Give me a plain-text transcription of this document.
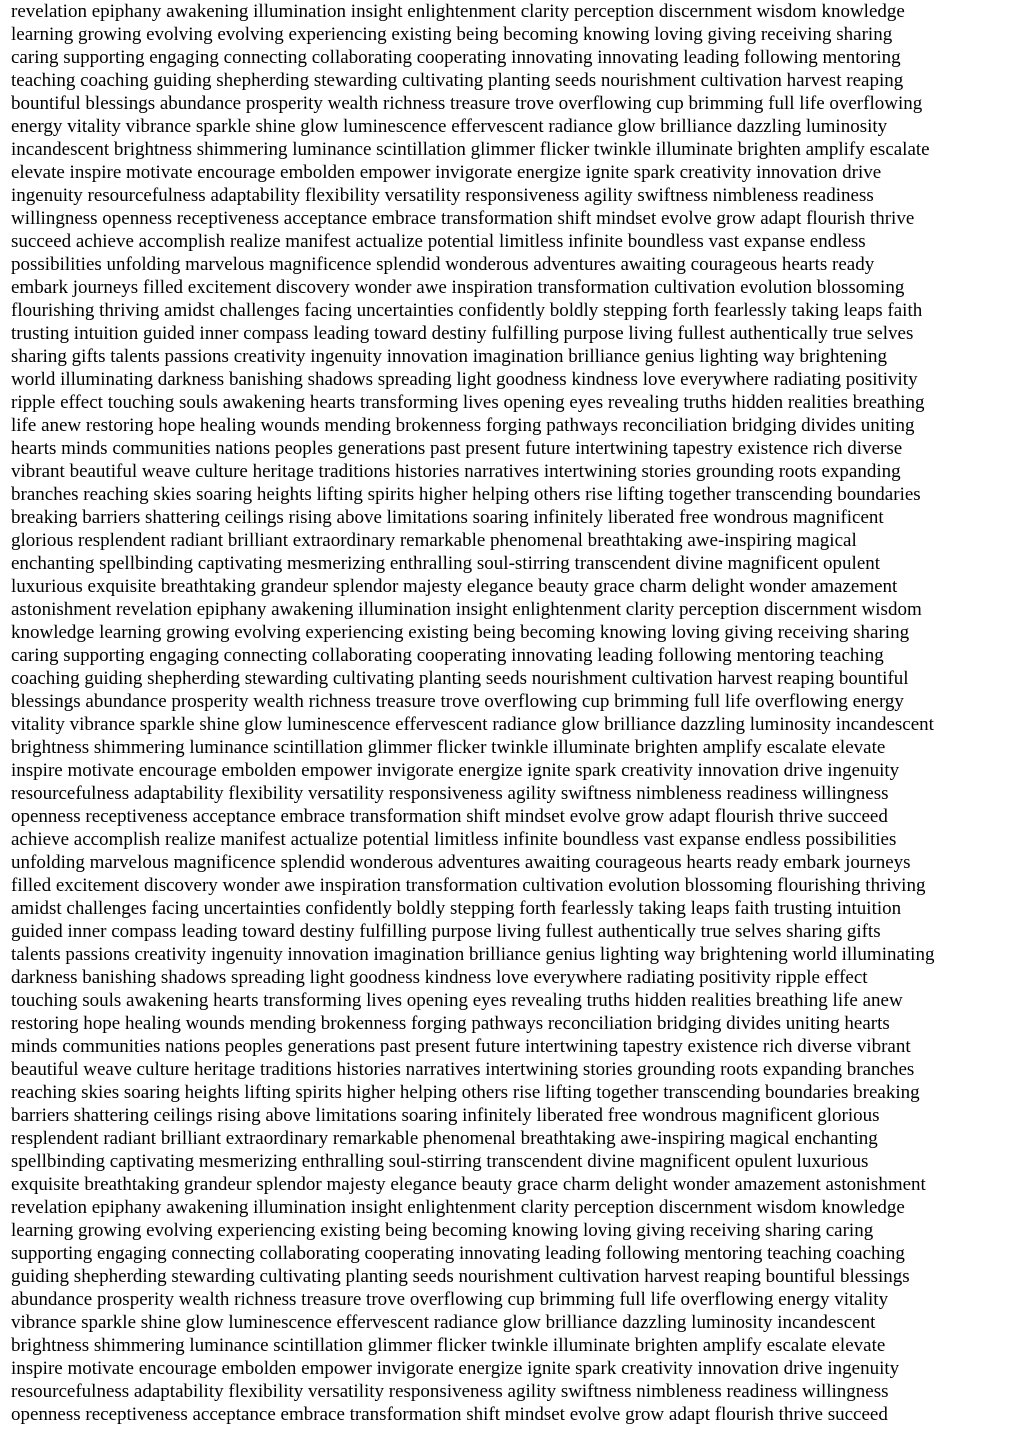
revelation epiphany awakening illumination insight enlightenment clarity perception discernment wisdom knowledge
learning growing evolving evolving experiencing existing being becoming knowing loving giving receiving sharing
caring supporting engaging connecting collaborating cooperating innovating innovating leading following mentoring
teaching coaching guiding shepherding stewarding cultivating planting seeds nourishment cultivation harvest reaping
bountiful blessings abundance prosperity wealth richness treasure trove overflowing cup brimming full life overflowing
energy vitality vibrance sparkle shine glow luminescence effervescent radiance glow brilliance dazzling luminosity
incandescent brightness shimmering luminance scintillation glimmer flicker twinkle illuminate brighten amplify escalate
elevate inspire motivate encourage embolden empower invigorate energize ignite spark creativity innovation drive
ingenuity resourcefulness adaptability flexibility versatility responsiveness agility swiftness nimbleness readiness
willingness openness receptiveness acceptance embrace transformation shift mindset evolve grow adapt flourish thrive
succeed achieve accomplish realize manifest actualize potential limitless infinite boundless vast expanse endless
possibilities unfolding marvelous magnificence splendid wonderous adventures awaiting courageous hearts ready
embark journeys filled excitement discovery wonder awe inspiration transformation cultivation evolution blossoming
flourishing thriving amidst challenges facing uncertainties confidently boldly stepping forth fearlessly taking leaps faith
trusting intuition guided inner compass leading toward destiny fulfilling purpose living fullest authentically true selves
sharing gifts talents passions creativity ingenuity innovation imagination brilliance genius lighting way brightening
world illuminating darkness banishing shadows spreading light goodness kindness love everywhere radiating positivity
ripple effect touching souls awakening hearts transforming lives opening eyes revealing truths hidden realities breathing
life anew restoring hope healing wounds mending brokenness forging pathways reconciliation bridging divides uniting
hearts minds communities nations peoples generations past present future intertwining tapestry existence rich diverse
vibrant beautiful weave culture heritage traditions histories narratives intertwining stories grounding roots expanding
branches reaching skies soaring heights lifting spirits higher helping others rise lifting together transcending boundaries
breaking barriers shattering ceilings rising above limitations soaring infinitely liberated free wondrous magnificent
glorious resplendent radiant brilliant extraordinary remarkable phenomenal breathtaking awe-inspiring magical
enchanting spellbinding captivating mesmerizing enthralling soul-stirring transcendent divine magnificent opulent
luxurious exquisite breathtaking grandeur splendor majesty elegance beauty grace charm delight wonder amazement
astonishment revelation epiphany awakening illumination insight enlightenment clarity perception discernment wisdom
knowledge learning growing evolving experiencing existing being becoming knowing loving giving receiving sharing
caring supporting engaging connecting collaborating cooperating innovating leading following mentoring teaching
coaching guiding shepherding stewarding cultivating planting seeds nourishment cultivation harvest reaping bountiful
blessings abundance prosperity wealth richness treasure trove overflowing cup brimming full life overflowing energy
vitality vibrance sparkle shine glow luminescence effervescent radiance glow brilliance dazzling luminosity incandescent
brightness shimmering luminance scintillation glimmer flicker twinkle illuminate brighten amplify escalate elevate
inspire motivate encourage embolden empower invigorate energize ignite spark creativity innovation drive ingenuity
resourcefulness adaptability flexibility versatility responsiveness agility swiftness nimbleness readiness willingness
openness receptiveness acceptance embrace transformation shift mindset evolve grow adapt flourish thrive succeed
achieve accomplish realize manifest actualize potential limitless infinite boundless vast expanse endless possibilities
unfolding marvelous magnificence splendid wonderous adventures awaiting courageous hearts ready embark journeys
filled excitement discovery wonder awe inspiration transformation cultivation evolution blossoming flourishing thriving
amidst challenges facing uncertainties confidently boldly stepping forth fearlessly taking leaps faith trusting intuition
guided inner compass leading toward destiny fulfilling purpose living fullest authentically true selves sharing gifts
talents passions creativity ingenuity innovation imagination brilliance genius lighting way brightening world illuminating
darkness banishing shadows spreading light goodness kindness love everywhere radiating positivity ripple effect
touching souls awakening hearts transforming lives opening eyes revealing truths hidden realities breathing life anew
restoring hope healing wounds mending brokenness forging pathways reconciliation bridging divides uniting hearts
minds communities nations peoples generations past present future intertwining tapestry existence rich diverse vibrant
beautiful weave culture heritage traditions histories narratives intertwining stories grounding roots expanding branches
reaching skies soaring heights lifting spirits higher helping others rise lifting together transcending boundaries breaking
barriers shattering ceilings rising above limitations soaring infinitely liberated free wondrous magnificent glorious
resplendent radiant brilliant extraordinary remarkable phenomenal breathtaking awe-inspiring magical enchanting
spellbinding captivating mesmerizing enthralling soul-stirring transcendent divine magnificent opulent luxurious
exquisite breathtaking grandeur splendor majesty elegance beauty grace charm delight wonder amazement astonishment
revelation epiphany awakening illumination insight enlightenment clarity perception discernment wisdom knowledge
learning growing evolving experiencing existing being becoming knowing loving giving receiving sharing caring
supporting engaging connecting collaborating cooperating innovating leading following mentoring teaching coaching
guiding shepherding stewarding cultivating planting seeds nourishment cultivation harvest reaping bountiful blessings
abundance prosperity wealth richness treasure trove overflowing cup brimming full life overflowing energy vitality
vibrance sparkle shine glow luminescence effervescent radiance glow brilliance dazzling luminosity incandescent
brightness shimmering luminance scintillation glimmer flicker twinkle illuminate brighten amplify escalate elevate
inspire motivate encourage embolden empower invigorate energize ignite spark creativity innovation drive ingenuity
resourcefulness adaptability flexibility versatility responsiveness agility swiftness nimbleness readiness willingness
openness receptiveness acceptance embrace transformation shift mindset evolve grow adapt flourish thrive succeed
